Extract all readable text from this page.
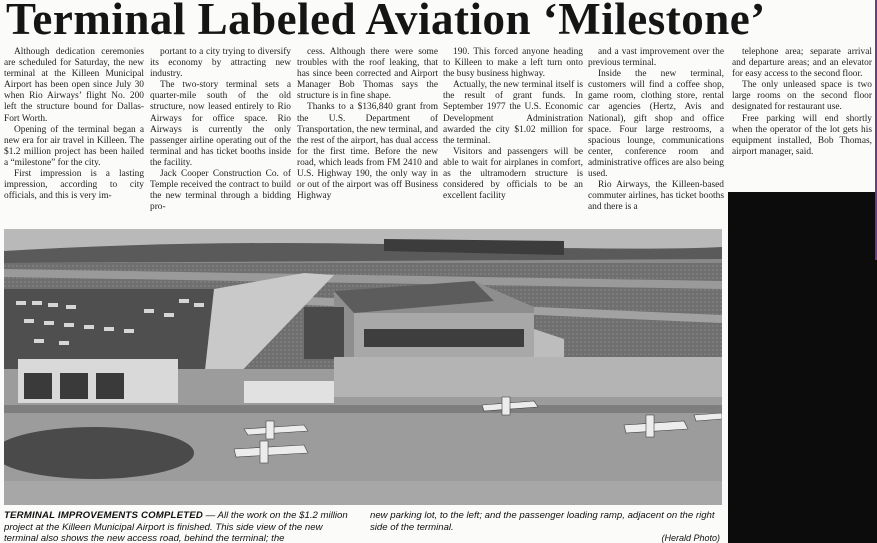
Terminal Labeled Aviation ‘Milestone’

Although dedication ceremonies are scheduled for Saturday, the new terminal at the Killeen Municipal Airport has been open since July 30 when Rio Airways’ flight No. 200 left the structure bound for Dallas-Fort Worth.

Opening of the terminal began a new era for air travel in Killeen. The $1.2 million project has been hailed a “milestone” for the city.

First impression is a lasting impression, according to city officials, and this is very im-

portant to a city trying to diversify its economy by attracting new industry.

The two-story terminal sets a quarter-mile south of the old structure, now leased entirely to Rio Airways for office space. Rio Airways is currently the only passenger airline operating out of the terminal and has ticket booths inside the facility.

Jack Cooper Construction Co. of Temple received the contract to build the new terminal through a bidding pro-

cess. Although there were some troubles with the roof leaking, that has since been corrected and Airport Manager Bob Thomas says the structure is in fine shape.

Thanks to a $136,840 grant from the U.S. Department of Transportation, the new terminal, and the rest of the airport, has dual access for the first time. Before the new road, which leads from FM 2410 and U.S. Highway 190, the only way in or out of the airport was off Business Highway

190. This forced anyone heading to Killeen to make a left turn onto the busy business highway.

Actually, the new terminal itself is the result of grant funds. In September 1977 the U.S. Economic Development Administration awarded the city $1.02 million for the terminal.

Visitors and passengers will be able to wait for airplanes in comfort, as the ultramodern structure is considered by officials to be an excellent facility

and a vast improvement over the previous terminal.

Inside the new terminal, customers will find a coffee shop, game room, clothing store, rental car agencies (Hertz, Avis and National), gift shop and office space. Four large restrooms, a spacious lounge, communications center, conference room and administrative offices are also being used.

Rio Airways, the Killeen-based commuter airlines, has ticket booths and there is a

telephone area; separate arrival and departure areas; and an elevator for easy access to the second floor.

The only unleased space is two large rooms on the second floor designated for restaurant use.

Free parking will end shortly when the operator of the lot gets his equipment installed, Bob Thomas, airport manager, said.

TERMINAL IMPROVEMENTS COMPLETED — All the work on the $1.2 million project at the Killeen Municipal Airport is finished. This side view of the new terminal also shows the new access road, behind the terminal; the
new parking lot, to the left; and the passenger loading ramp, adjacent on the right side of the terminal.
(Herald Photo)
